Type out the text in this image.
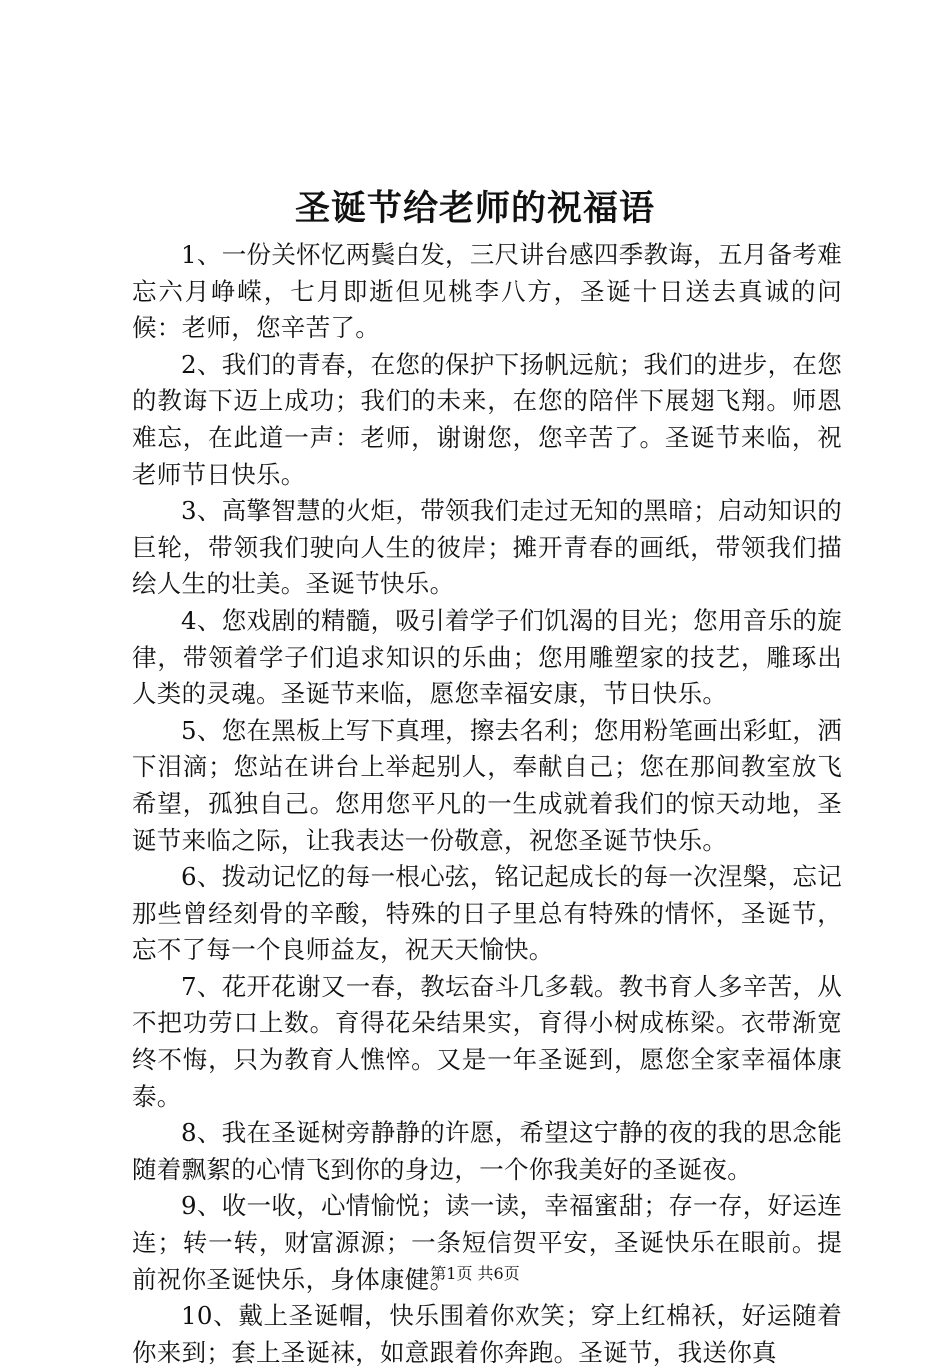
圣诞节给老师的祝福语

1、一份关怀忆两鬓白发，三尺讲台感四季教诲，五月备考难忘六月峥嵘，七月即逝但见桃李八方，圣诞十日送去真诚的问候：老师，您辛苦了。

2、我们的青春，在您的保护下扬帆远航；我们的进步，在您的教诲下迈上成功；我们的未来，在您的陪伴下展翅飞翔。师恩难忘，在此道一声：老师，谢谢您，您辛苦了。圣诞节来临，祝老师节日快乐。

3、高擎智慧的火炬，带领我们走过无知的黑暗；启动知识的巨轮，带领我们驶向人生的彼岸；摊开青春的画纸，带领我们描绘人生的壮美。圣诞节快乐。

4、您戏剧的精髓，吸引着学子们饥渴的目光；您用音乐的旋律，带领着学子们追求知识的乐曲；您用雕塑家的技艺，雕琢出人类的灵魂。圣诞节来临，愿您幸福安康，节日快乐。

5、您在黑板上写下真理，擦去名利；您用粉笔画出彩虹，洒下泪滴；您站在讲台上举起别人，奉献自己；您在那间教室放飞希望，孤独自己。您用您平凡的一生成就着我们的惊天动地，圣诞节来临之际，让我表达一份敬意，祝您圣诞节快乐。

6、拨动记忆的每一根心弦，铭记起成长的每一次涅槃，忘记那些曾经刻骨的辛酸，特殊的日子里总有特殊的情怀，圣诞节，忘不了每一个良师益友，祝天天愉快。

7、花开花谢又一春，教坛奋斗几多载。教书育人多辛苦，从不把功劳口上数。育得花朵结果实，育得小树成栋梁。衣带渐宽终不悔，只为教育人憔悴。又是一年圣诞到，愿您全家幸福体康泰。

8、我在圣诞树旁静静的许愿，希望这宁静的夜的我的思念能随着飘絮的心情飞到你的身边，一个你我美好的圣诞夜。

9、收一收，心情愉悦；读一读，幸福蜜甜；存一存，好运连连；转一转，财富源源；一条短信贺平安，圣诞快乐在眼前。提前祝你圣诞快乐，身体康健。

10、戴上圣诞帽，快乐围着你欢笑；穿上红棉袄，好运随着你来到；套上圣诞袜，如意跟着你奔跑。圣诞节，我送你真

第1页 共6页
